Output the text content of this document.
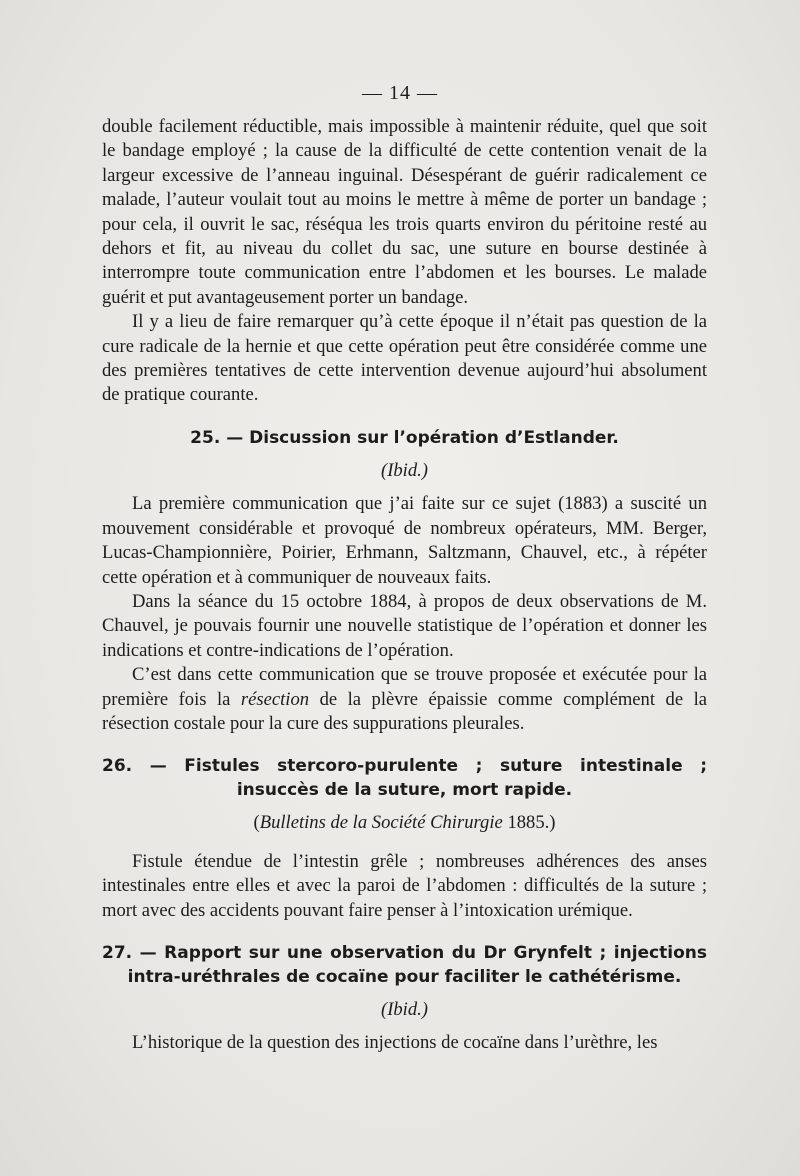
— 14 —

double facilement réductible, mais impossible à maintenir réduite, quel que soit le bandage employé ; la cause de la difficulté de cette contention venait de la largeur excessive de l’anneau inguinal. Désespérant de guérir radicalement ce malade, l’auteur voulait tout au moins le mettre à même de porter un bandage ; pour cela, il ouvrit le sac, réséqua les trois quarts environ du péritoine resté au dehors et fit, au niveau du collet du sac, une suture en bourse destinée à interrompre toute communication entre l’abdomen et les bourses. Le malade guérit et put avantageusement porter un bandage.

Il y a lieu de faire remarquer qu’à cette époque il n’était pas question de la cure radicale de la hernie et que cette opération peut être considérée comme une des premières tentatives de cette intervention devenue aujourd’hui absolument de pratique courante.

25. — Discussion sur l’opération d’Estlander.

(Ibid.)

La première communication que j’ai faite sur ce sujet (1883) a suscité un mouvement considérable et provoqué de nombreux opérateurs, MM. Berger, Lucas-Championnière, Poirier, Erhmann, Saltzmann, Chauvel, etc., à répéter cette opération et à communiquer de nouveaux faits.

Dans la séance du 15 octobre 1884, à propos de deux observations de M. Chauvel, je pouvais fournir une nouvelle statistique de l’opération et donner les indications et contre-indications de l’opération.

C’est dans cette communication que se trouve proposée et exécutée pour la première fois la résection de la plèvre épaissie comme complément de la résection costale pour la cure des suppurations pleurales.

26. — Fistules stercoro-purulente ; suture intestinale ; insuccès de la suture, mort rapide.

(Bulletins de la Société Chirurgie 1885.)

Fistule étendue de l’intestin grêle ; nombreuses adhérences des anses intestinales entre elles et avec la paroi de l’abdomen : difficultés de la suture ; mort avec des accidents pouvant faire penser à l’intoxication urémique.

27. — Rapport sur une observation du Dr Grynfelt ; injections intra-uréthrales de cocaïne pour faciliter le cathétérisme.

(Ibid.)

L’historique de la question des injections de cocaïne dans l’urèthre, les
